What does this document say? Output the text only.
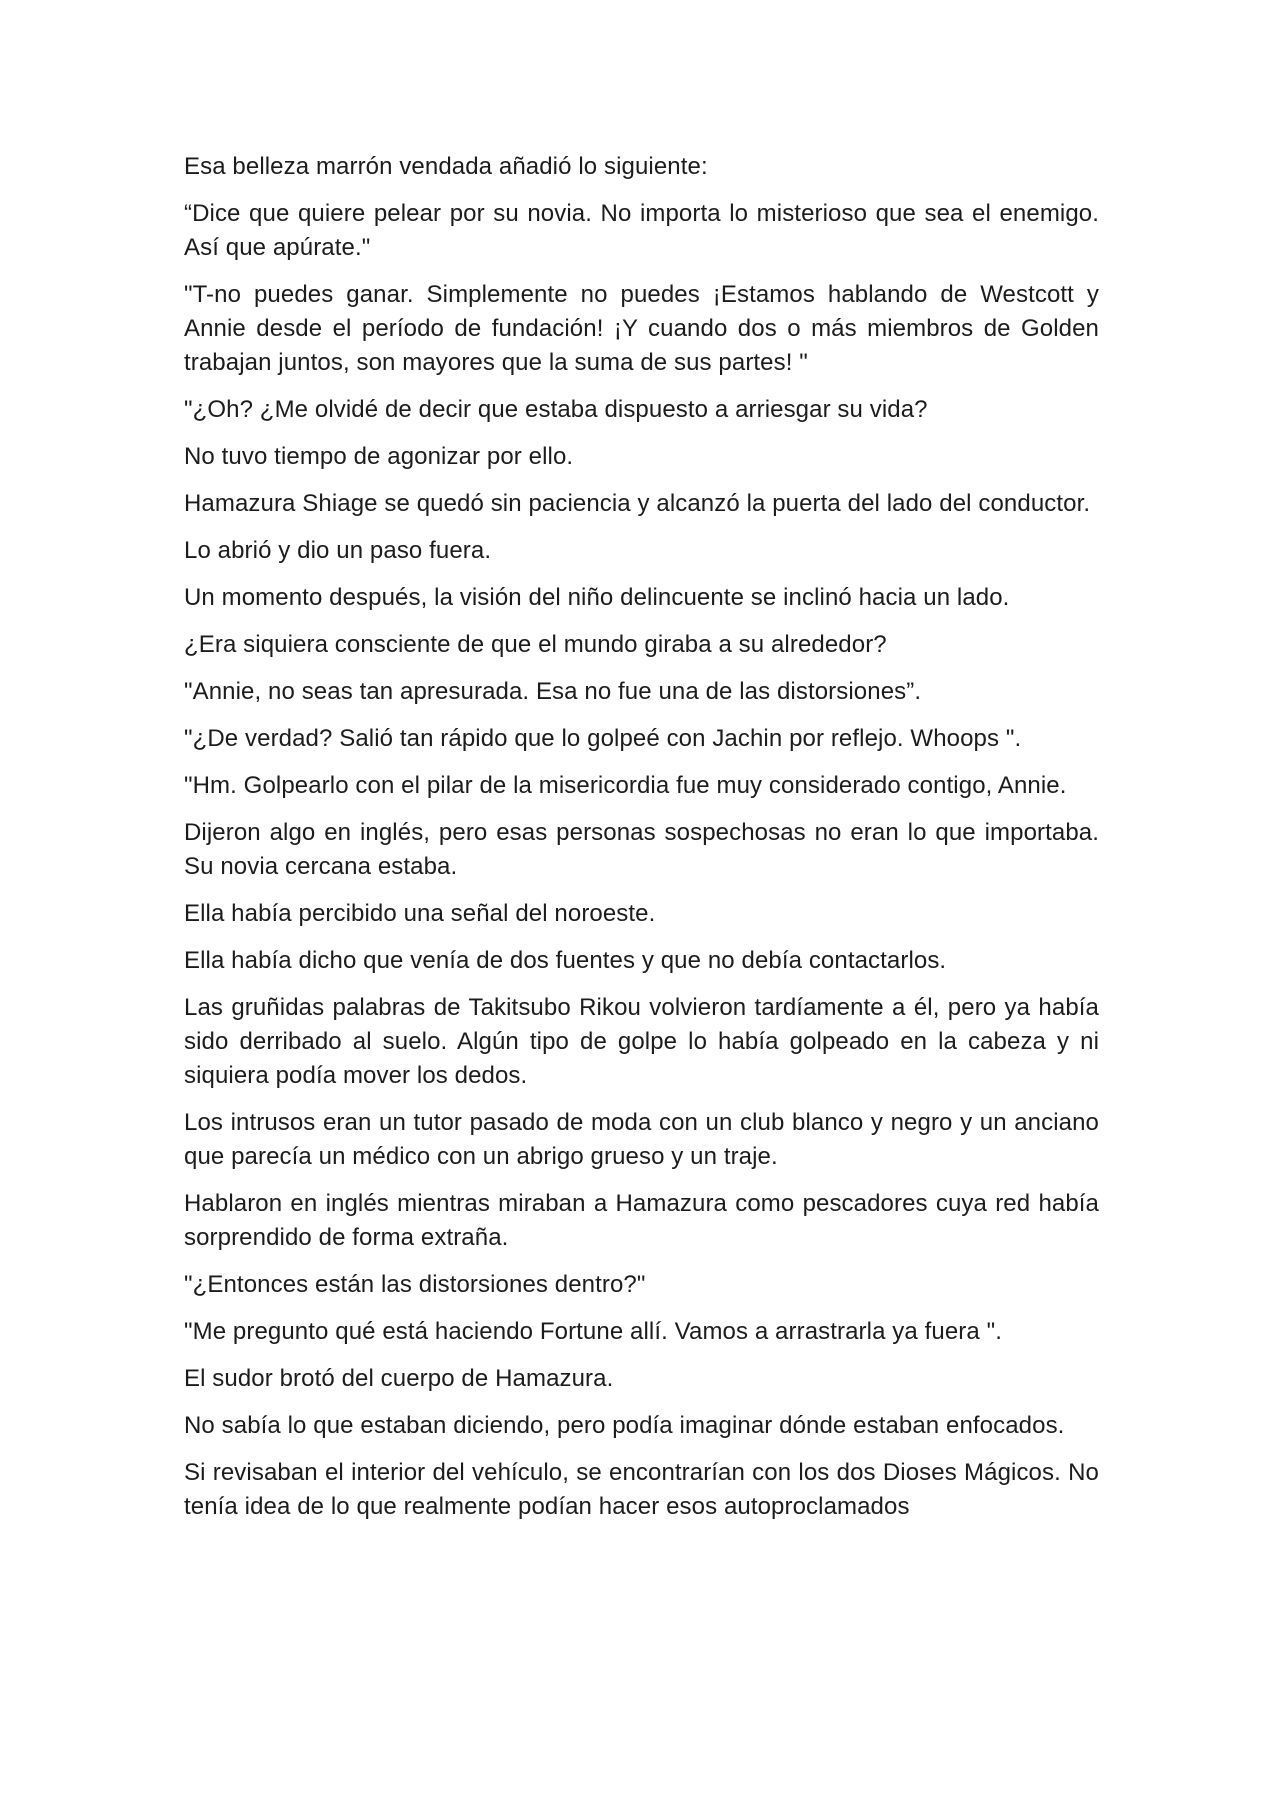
Esa belleza marrón vendada añadió lo siguiente:

“Dice que quiere pelear por su novia. No importa lo misterioso que sea el enemigo. Así que apúrate."

"T-no puedes ganar. Simplemente no puedes ¡Estamos hablando de Westcott y Annie desde el período de fundación! ¡Y cuando dos o más miembros de Golden trabajan juntos, son mayores que la suma de sus partes! "

"¿Oh? ¿Me olvidé de decir que estaba dispuesto a arriesgar su vida?

No tuvo tiempo de agonizar por ello.

Hamazura Shiage se quedó sin paciencia y alcanzó la puerta del lado del conductor.

Lo abrió y dio un paso fuera.

Un momento después, la visión del niño delincuente se inclinó hacia un lado.

¿Era siquiera consciente de que el mundo giraba a su alrededor?

"Annie, no seas tan apresurada. Esa no fue una de las distorsiones”.

"¿De verdad? Salió tan rápido que lo golpeé con Jachin por reflejo. Whoops ".

"Hm. Golpearlo con el pilar de la misericordia fue muy considerado contigo, Annie.

Dijeron algo en inglés, pero esas personas sospechosas no eran lo que importaba. Su novia cercana estaba.

Ella había percibido una señal del noroeste.

Ella había dicho que venía de dos fuentes y que no debía contactarlos.

Las gruñidas palabras de Takitsubo Rikou volvieron tardíamente a él, pero ya había sido derribado al suelo. Algún tipo de golpe lo había golpeado en la cabeza y ni siquiera podía mover los dedos.

Los intrusos eran un tutor pasado de moda con un club blanco y negro y un anciano que parecía un médico con un abrigo grueso y un traje.

Hablaron en inglés mientras miraban a Hamazura como pescadores cuya red había sorprendido de forma extraña.

"¿Entonces están las distorsiones dentro?"

"Me pregunto qué está haciendo Fortune allí. Vamos a arrastrarla ya fuera ".

El sudor brotó del cuerpo de Hamazura.

No sabía lo que estaban diciendo, pero podía imaginar dónde estaban enfocados.

Si revisaban el interior del vehículo, se encontrarían con los dos Dioses Mágicos. No tenía idea de lo que realmente podían hacer esos autoproclamados
